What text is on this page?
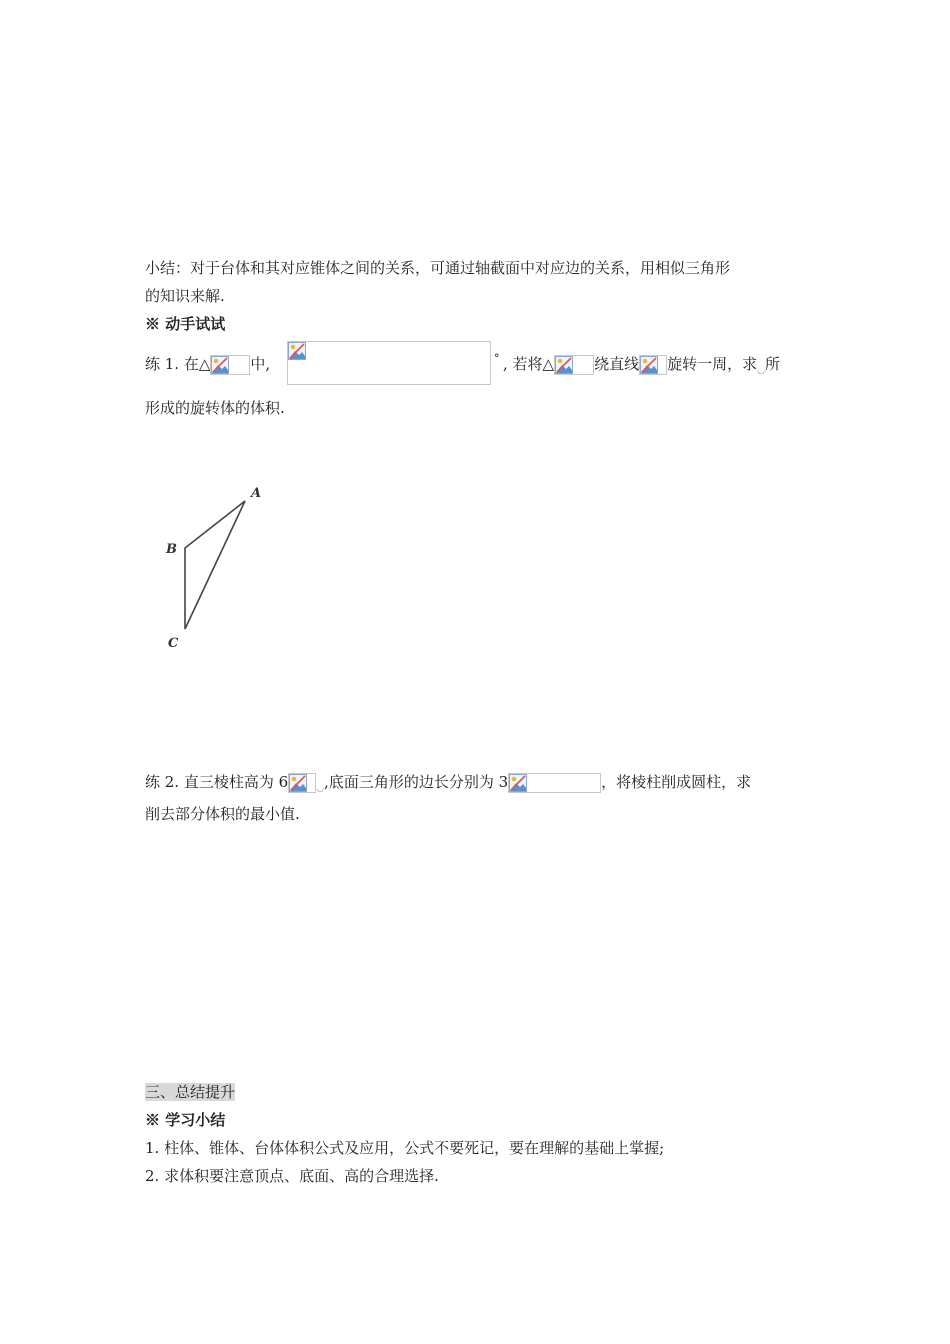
小结：对于台体和其对应锥体之间的关系，可通过轴截面中对应边的关系，用相似三角形
的知识来解.
※ 动手试试
练 1. 在△	中,	° , 若将△	绕直线 旋转一周，求$_◡$所
形成的旋转体的体积.
A
B
C
练 2. 直三棱柱高为 6	$_◡$,底面三角形的边长分别为 3	，将棱柱削成圆柱，求
削去部分体积的最小值.
三、总结提升
※ 学习小结
1. 柱体、锥体、台体体积公式及应用，公式不要死记，要在理解的基础上掌握;
2. 求体积要注意顶点、底面、高的合理选择.
